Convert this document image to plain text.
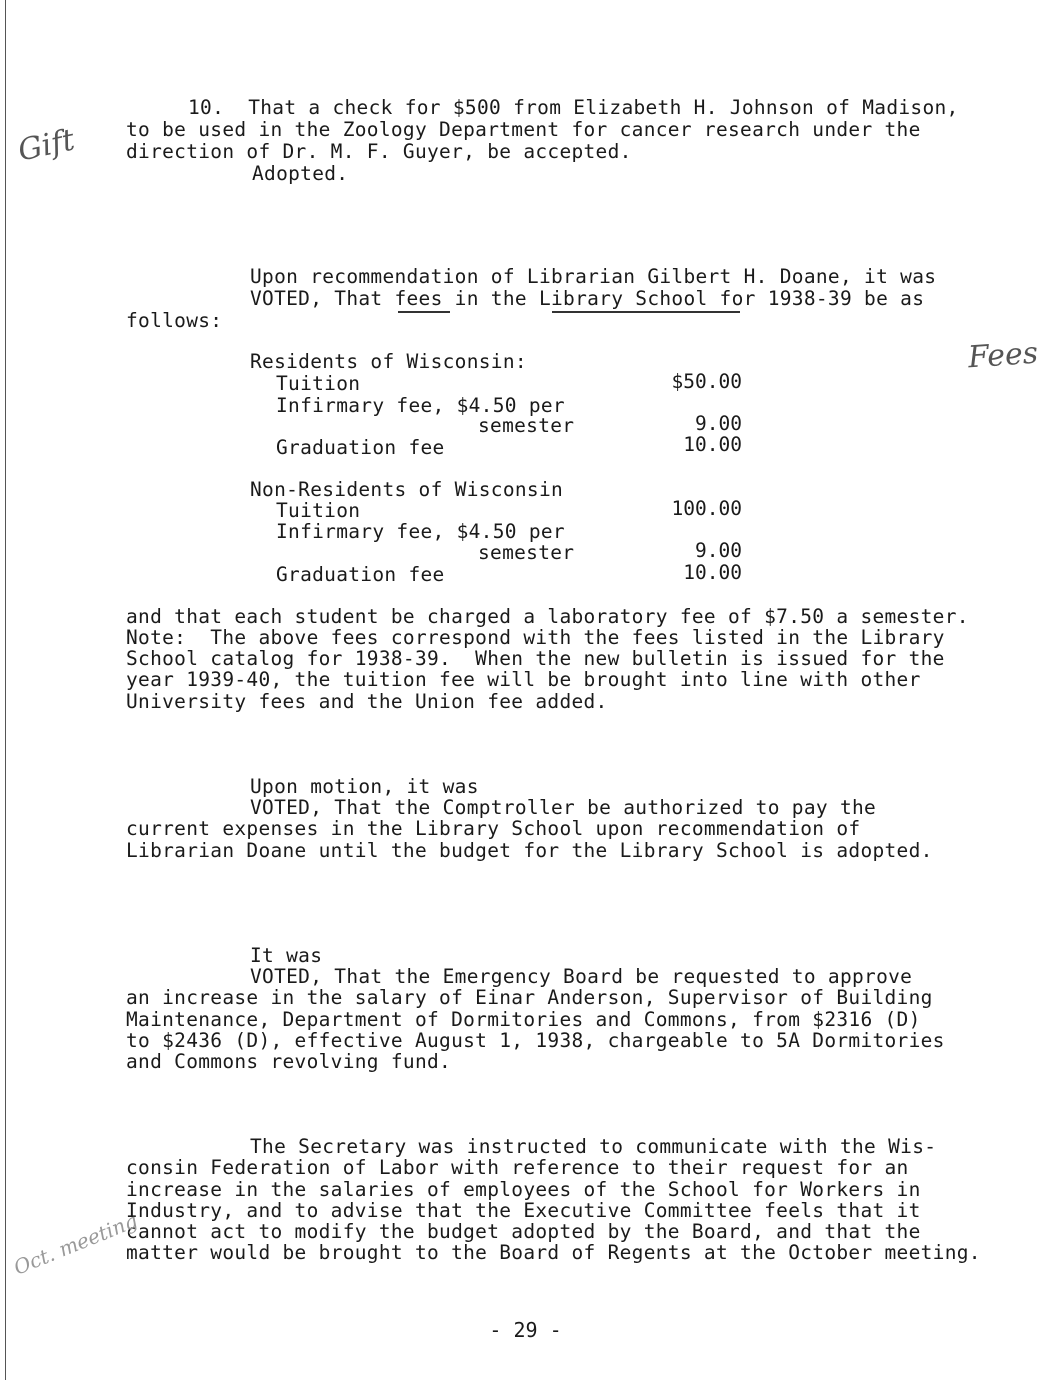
10.  That a check for $500 from Elizabeth H. Johnson of Madison,
to be used in the Zoology Department for cancer research under the
direction of Dr. M. F. Guyer, be accepted.
Adopted.
Upon recommendation of Librarian Gilbert H. Doane, it was
VOTED, That fees in the Library School for 1938-39 be as
follows:
Residents of Wisconsin:
Tuition	$50.00
Infirmary fee, $4.50 per
semester	9.00
Graduation fee	10.00
Non-Residents of Wisconsin
Tuition	100.00
Infirmary fee, $4.50 per
semester	9.00
Graduation fee	10.00
and that each student be charged a laboratory fee of $7.50 a semester.
Note:  The above fees correspond with the fees listed in the Library
School catalog for 1938-39.  When the new bulletin is issued for the
year 1939-40, the tuition fee will be brought into line with other
University fees and the Union fee added.
Upon motion, it was
VOTED, That the Comptroller be authorized to pay the
current expenses in the Library School upon recommendation of
Librarian Doane until the budget for the Library School is adopted.
It was
VOTED, That the Emergency Board be requested to approve
an increase in the salary of Einar Anderson, Supervisor of Building
Maintenance, Department of Dormitories and Commons, from $2316 (D)
to $2436 (D), effective August 1, 1938, chargeable to 5A Dormitories
and Commons revolving fund.
The Secretary was instructed to communicate with the Wis-
consin Federation of Labor with reference to their request for an
increase in the salaries of employees of the School for Workers in
Industry, and to advise that the Executive Committee feels that it
cannot act to modify the budget adopted by the Board, and that the
matter would be brought to the Board of Regents at the October meeting.
Gift
Fees
Oct. meeting
- 29 -
